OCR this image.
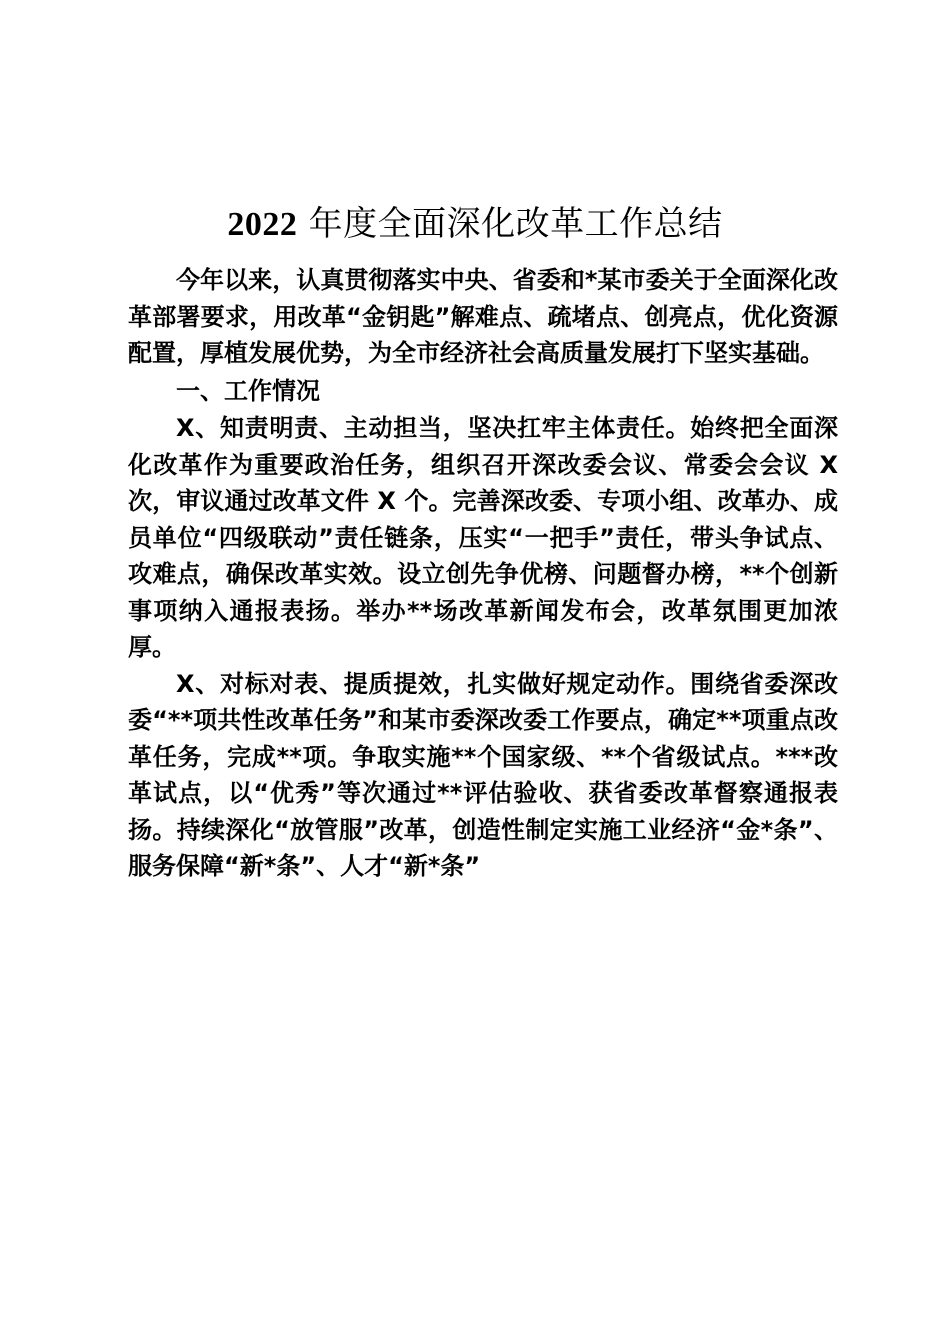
2022 年度全面深化改革工作总结

今年以来，认真贯彻落实中央、省委和*某市委关于全面深化改革部署要求，用改革“金钥匙”解难点、疏堵点、创亮点，优化资源配置，厚植发展优势，为全市经济社会高质量发展打下坚实基础。

一、工作情况

X、知责明责、主动担当，坚决扛牢主体责任。始终把全面深化改革作为重要政治任务，组织召开深改委会议、常委会会议 X 次，审议通过改革文件 X 个。完善深改委、专项小组、改革办、成员单位“四级联动”责任链条，压实“一把手”责任，带头争试点、攻难点，确保改革实效。设立创先争优榜、问题督办榜，**个创新事项纳入通报表扬。举办**场改革新闻发布会，改革氛围更加浓厚。

X、对标对表、提质提效，扎实做好规定动作。围绕省委深改委“**项共性改革任务”和某市委深改委工作要点，确定**项重点改革任务，完成**项。争取实施**个国家级、**个省级试点。***改革试点，以“优秀”等次通过**评估验收、获省委改革督察通报表扬。持续深化“放管服”改革，创造性制定实施工业经济“金*条”、服务保障“新*条”、人才“新*条”
